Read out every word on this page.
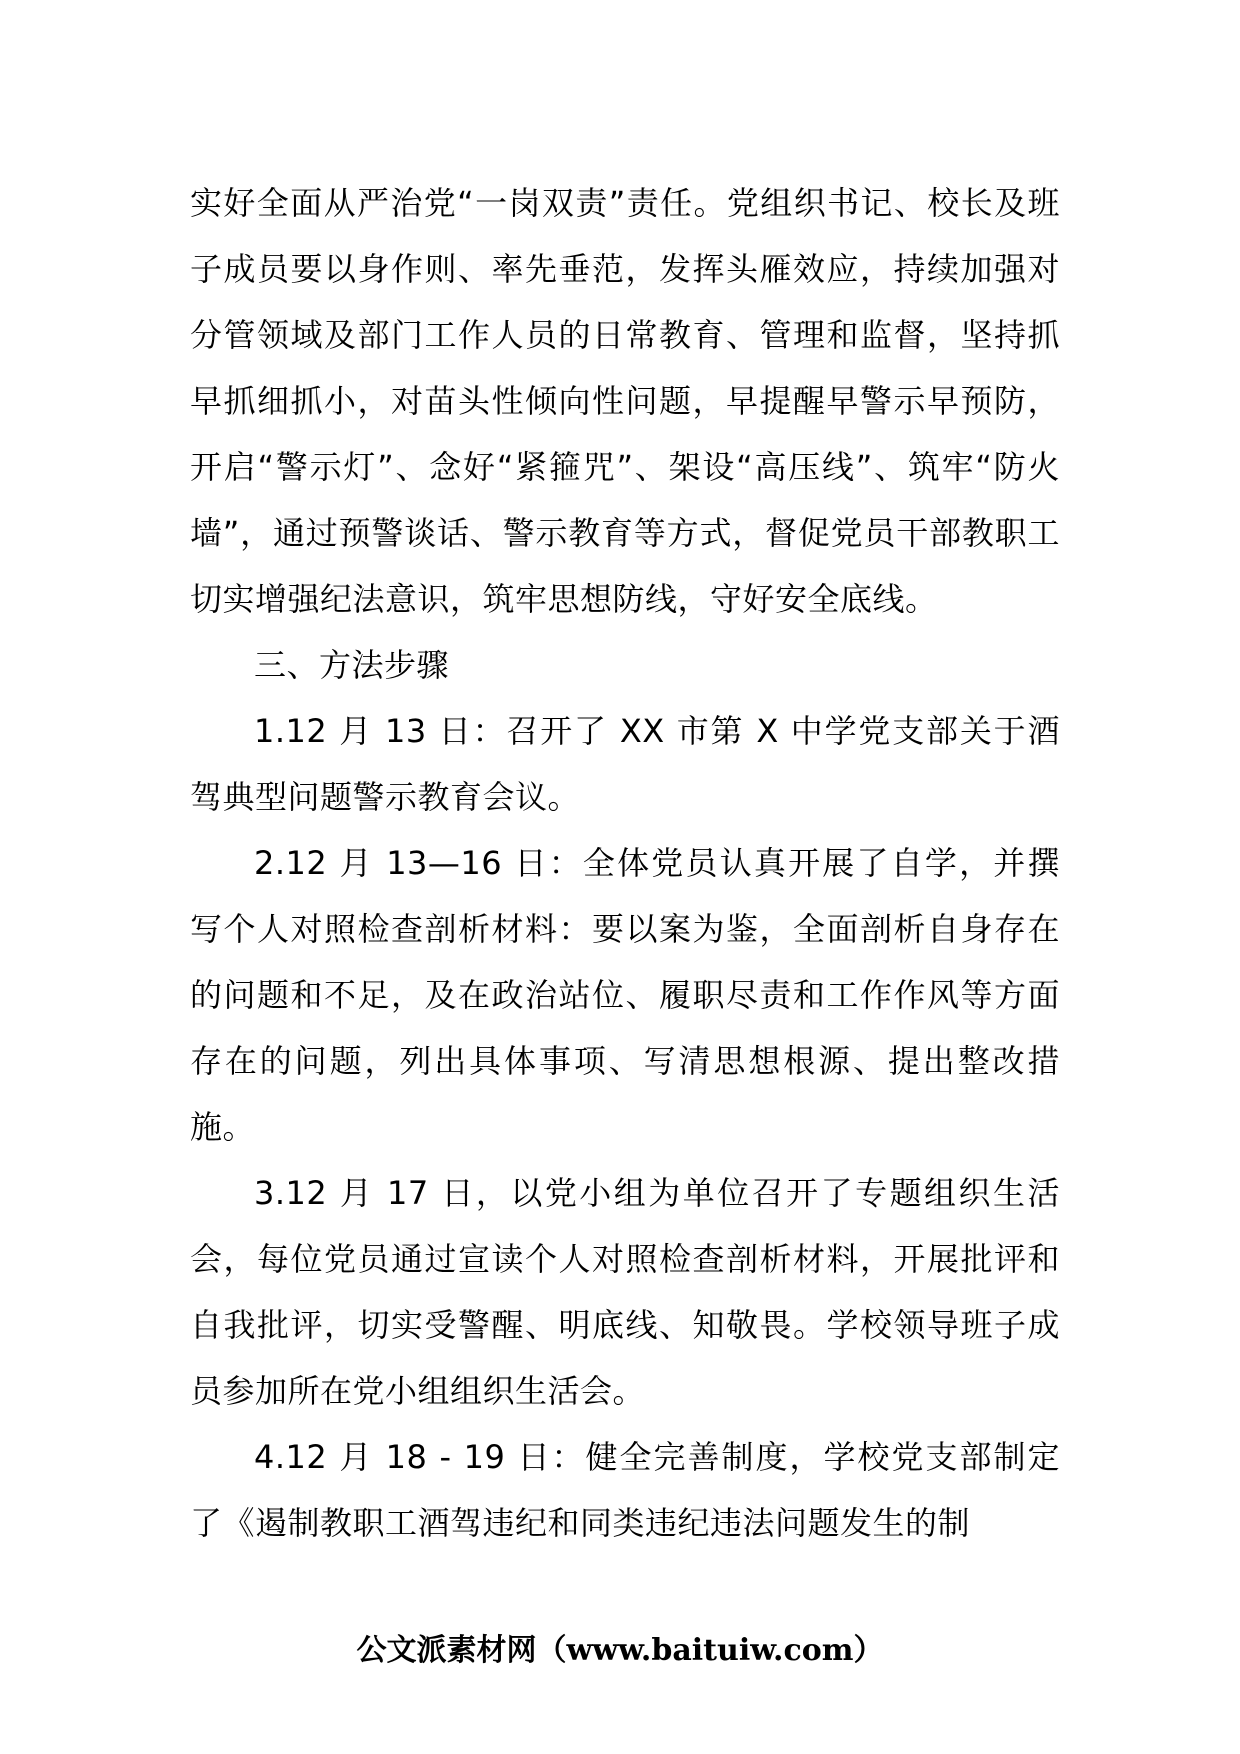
实好全面从严治党“一岗双责”责任。党组织书记、校长及班子成员要以身作则、率先垂范，发挥头雁效应，持续加强对分管领域及部门工作人员的日常教育、管理和监督，坚持抓早抓细抓小，对苗头性倾向性问题，早提醒早警示早预防，开启“警示灯”、念好“紧箍咒”、架设“高压线”、筑牢“防火墙”，通过预警谈话、警示教育等方式，督促党员干部教职工切实增强纪法意识，筑牢思想防线，守好安全底线。

三、方法步骤

1.12 月 13 日：召开了 XX 市第 X 中学党支部关于酒驾典型问题警示教育会议。

2.12 月 13—16 日：全体党员认真开展了自学，并撰写个人对照检查剖析材料：要以案为鉴，全面剖析自身存在的问题和不足，及在政治站位、履职尽责和工作作风等方面存在的问题，列出具体事项、写清思想根源、提出整改措施。

3.12 月 17 日，以党小组为单位召开了专题组织生活会，每位党员通过宣读个人对照检查剖析材料，开展批评和自我批评，切实受警醒、明底线、知敬畏。学校领导班子成员参加所在党小组组织生活会。

4.12 月 18 - 19 日：健全完善制度，学校党支部制定了《遏制教职工酒驾违纪和同类违纪违法问题发生的制

公文派素材网（www.baituiw.com）
